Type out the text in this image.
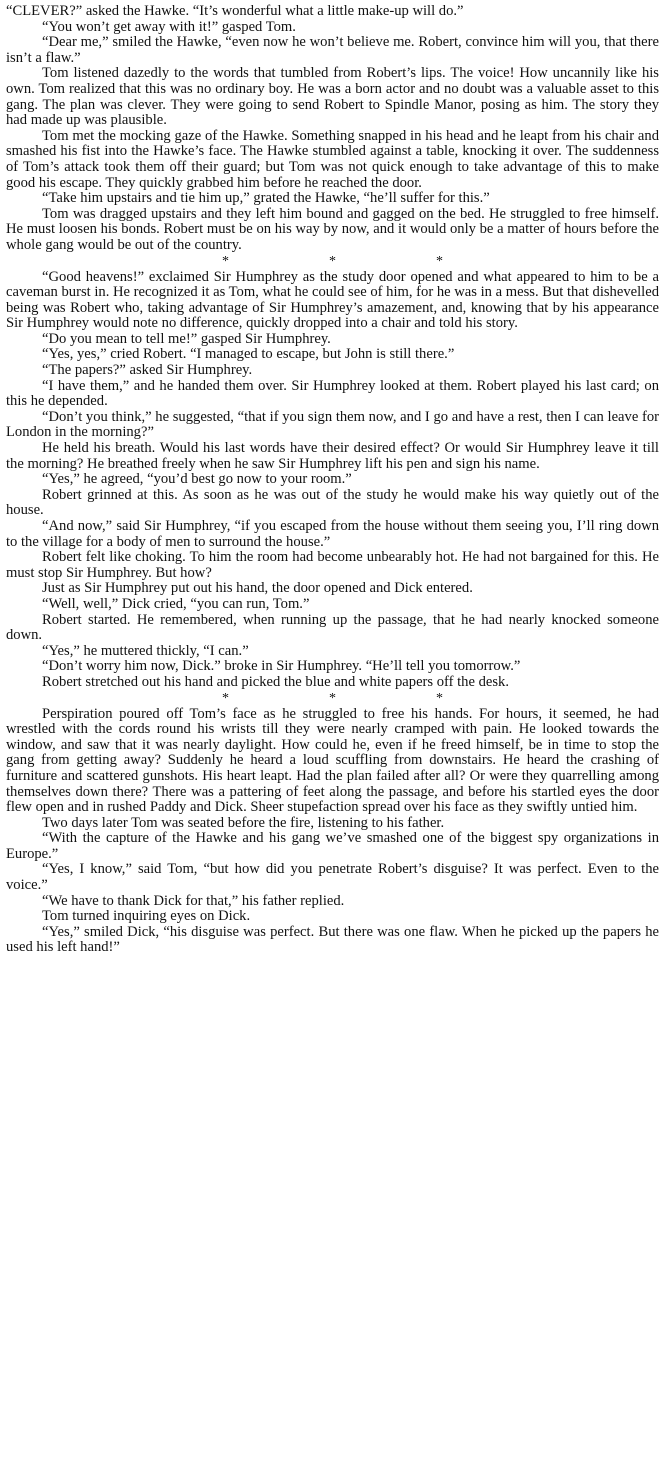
“CLEVER?” asked the Hawke. “It’s wonderful what a little make-up will do.”

“You won’t get away with it!” gasped Tom.

“Dear me,” smiled the Hawke, “even now he won’t believe me. Robert, convince him will you, that there isn’t a flaw.”

Tom listened dazedly to the words that tumbled from Robert’s lips. The voice! How uncannily like his own. Tom realized that this was no ordinary boy. He was a born actor and no doubt was a valuable asset to this gang. The plan was clever. They were going to send Robert to Spindle Manor, posing as him. The story they had made up was plausible.

Tom met the mocking gaze of the Hawke. Something snapped in his head and he leapt from his chair and smashed his fist into the Hawke’s face. The Hawke stumbled against a table, knocking it over. The suddenness of Tom’s attack took them off their guard; but Tom was not quick enough to take advantage of this to make good his escape. They quickly grabbed him before he reached the door.

“Take him upstairs and tie him up,” grated the Hawke, “he’ll suffer for this.”

Tom was dragged upstairs and they left him bound and gagged on the bed. He struggled to free himself. He must loosen his bonds. Robert must be on his way by now, and it would only be a matter of hours before the whole gang would be out of the country.

*	*	*

“Good heavens!” exclaimed Sir Humphrey as the study door opened and what appeared to him to be a caveman burst in. He recognized it as Tom, what he could see of him, for he was in a mess. But that dishevelled being was Robert who, taking advantage of Sir Humphrey’s amazement, and, knowing that by his appearance Sir Humphrey would note no difference, quickly dropped into a chair and told his story.

“Do you mean to tell me!” gasped Sir Humphrey.

“Yes, yes,” cried Robert. “I managed to escape, but John is still there.”

“The papers?” asked Sir Humphrey.

“I have them,” and he handed them over. Sir Humphrey looked at them. Robert played his last card; on this he depended.

“Don’t you think,” he suggested, “that if you sign them now, and I go and have a rest, then I can leave for London in the morning?”

He held his breath. Would his last words have their desired effect? Or would Sir Humphrey leave it till the morning? He breathed freely when he saw Sir Humphrey lift his pen and sign his name.

“Yes,” he agreed, “you’d best go now to your room.”

Robert grinned at this. As soon as he was out of the study he would make his way quietly out of the house.

“And now,” said Sir Humphrey, “if you escaped from the house without them seeing you, I’ll ring down to the village for a body of men to surround the house.”

Robert felt like choking. To him the room had become unbearably hot. He had not bargained for this. He must stop Sir Humphrey. But how?

Just as Sir Humphrey put out his hand, the door opened and Dick entered.

“Well, well,” Dick cried, “you can run, Tom.”

Robert started. He remembered, when running up the passage, that he had nearly knocked someone down.

“Yes,” he muttered thickly, “I can.”

“Don’t worry him now, Dick.” broke in Sir Humphrey. “He’ll tell you tomorrow.”

Robert stretched out his hand and picked the blue and white papers off the desk.

*	*	*

Perspiration poured off Tom’s face as he struggled to free his hands. For hours, it seemed, he had wrestled with the cords round his wrists till they were nearly cramped with pain. He looked towards the window, and saw that it was nearly daylight. How could he, even if he freed himself, be in time to stop the gang from getting away? Suddenly he heard a loud scuffling from downstairs. He heard the crashing of furniture and scattered gunshots. His heart leapt. Had the plan failed after all? Or were they quarrelling among themselves down there? There was a pattering of feet along the passage, and before his startled eyes the door flew open and in rushed Paddy and Dick. Sheer stupefaction spread over his face as they swiftly untied him.

Two days later Tom was seated before the fire, listening to his father.

“With the capture of the Hawke and his gang we’ve smashed one of the biggest spy organizations in Europe.”

“Yes, I know,” said Tom, “but how did you penetrate Robert’s disguise? It was perfect. Even to the voice.”

“We have to thank Dick for that,” his father replied.

Tom turned inquiring eyes on Dick.

“Yes,” smiled Dick, “his disguise was perfect. But there was one flaw. When he picked up the papers he used his left hand!”
